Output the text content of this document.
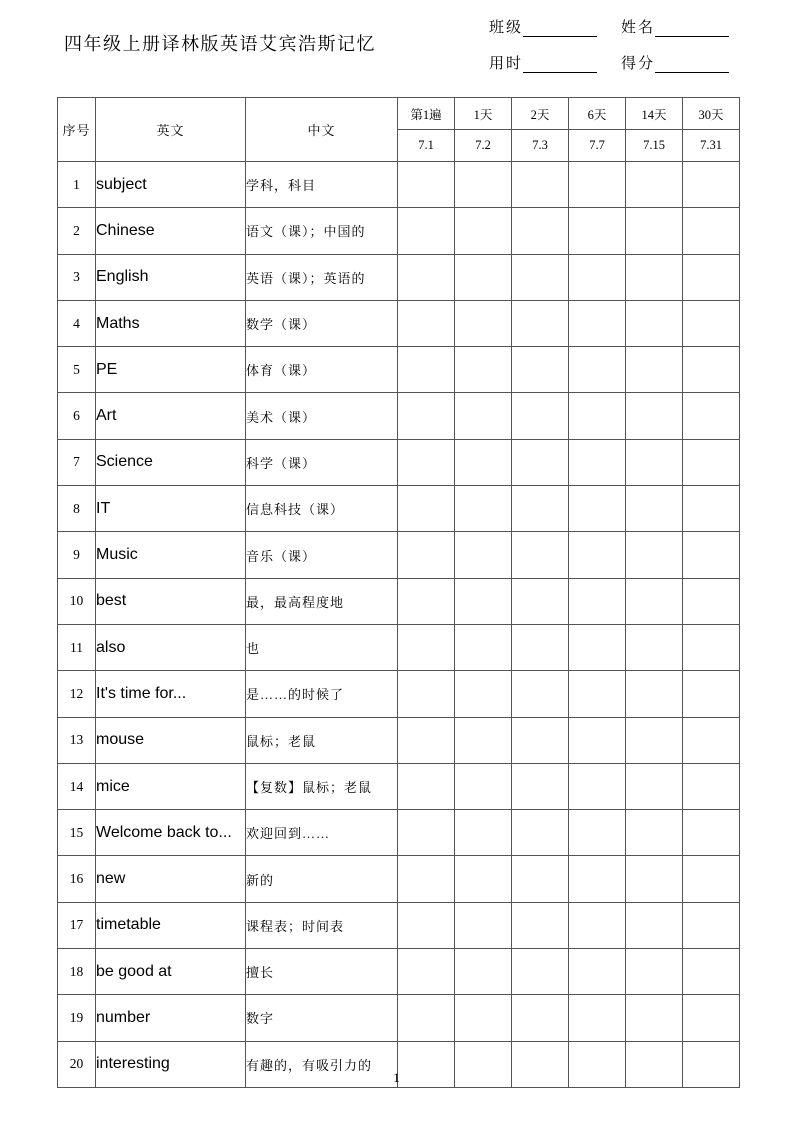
四年级上册译林版英语艾宾浩斯记忆
班级	姓名
用时	得分
序号	英文	中文	第1遍	1天	2天	6天	14天	30天
			7.1	7.2	7.3	7.7	7.15	7.31
1	subject	学科，科目						
2	Chinese	语文（课）；中国的						
3	English	英语（课）；英语的						
4	Maths	数学（课）						
5	PE	体育（课）						
6	Art	美术（课）						
7	Science	科学（课）						
8	IT	信息科技（课）						
9	Music	音乐（课）						
10	best	最，最高程度地						
11	also	也						
12	It's time for...	是……的时候了						
13	mouse	鼠标；老鼠						
14	mice	【复数】鼠标；老鼠						
15	Welcome back to...	欢迎回到……						
16	new	新的						
17	timetable	课程表；时间表						
18	be good at	擅长						
19	number	数字						
20	interesting	有趣的，有吸引力的						
1
